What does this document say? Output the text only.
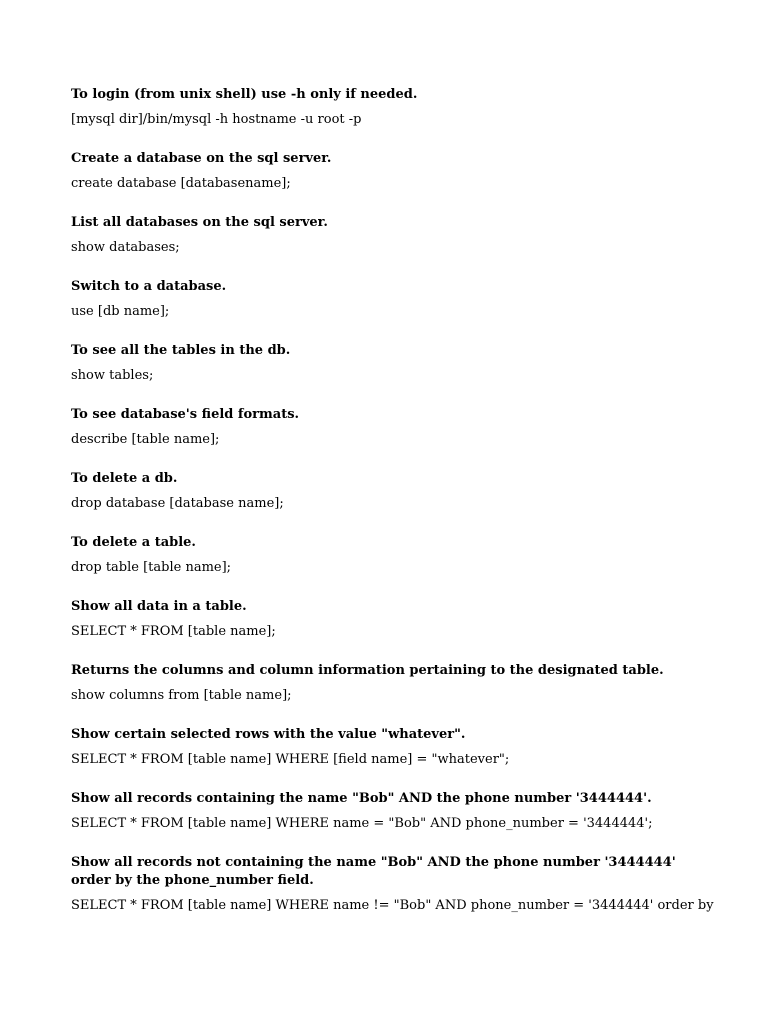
To login (from unix shell) use -h only if needed.

[mysql dir]/bin/mysql -h hostname -u root -p

Create a database on the sql server.

create database [databasename];

List all databases on the sql server.

show databases;

Switch to a database.

use [db name];

To see all the tables in the db.

show tables;

To see database's field formats.

describe [table name];

To delete a db.

drop database [database name];

To delete a table.

drop table [table name];

Show all data in a table.

SELECT * FROM [table name];

Returns the columns and column information pertaining to the designated table.

show columns from [table name];

Show certain selected rows with the value "whatever".

SELECT * FROM [table name] WHERE [field name] = "whatever";

Show all records containing the name "Bob" AND the phone number '3444444'.

SELECT * FROM [table name] WHERE name = "Bob" AND phone_number = '3444444';

Show all records not containing the name "Bob" AND the phone number '3444444' order by the phone_number field.

SELECT * FROM [table name] WHERE name != "Bob" AND phone_number = '3444444' order by
